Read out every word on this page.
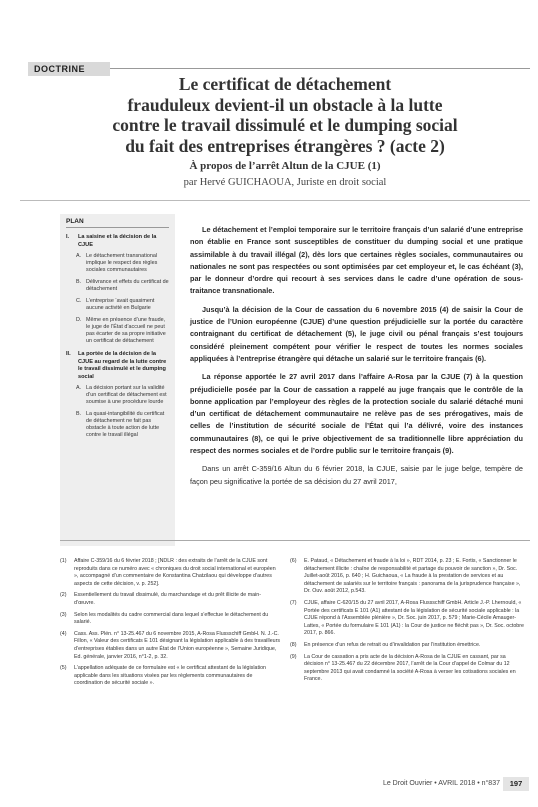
DOCTRINE
Le certificat de détachement
frauduleux devient-il un obstacle à la lutte
contre le travail dissimulé et le dumping social
du fait des entreprises étrangères ? (acte 2)
À propos de l’arrêt Altun de la CJUE (1)
par Hervé GUICHAOUA, Juriste en droit social
PLAN
I.	La saisine et la décision de la CJUE
A. Le détachement transnational implique le respect des règles sociales communautaires
B. Délivrance et effets du certificat de détachement
C. L’entreprise ‘avait quasiment aucune activité en Bulgarie
D. Même en présence d’une fraude, le juge de l’État d’accueil ne peut pas écarter de sa propre initiative un certificat de détachement
II.	La portée de la décision de la CJUE au regard de la lutte contre le travail dissimulé et le dumping social
A. La décision portant sur la validité d’un certificat de détachement est soumise à une procédure lourde
B. La quasi-intangibilité du certificat de détachement ne fait pas obstacle à toute action de lutte contre le travail illégal

Le détachement et l’emploi temporaire sur le territoire français d’un salarié d’une entreprise non établie en France sont susceptibles de constituer du dumping social et une pratique assimilable à du travail illégal (2), dès lors que certaines règles sociales, communautaires ou nationales ne sont pas respectées ou sont optimisées par cet employeur et, le cas échéant (3), par le donneur d’ordre qui recourt à ses services dans le cadre d’une opération de sous-traitance transnationale.

Jusqu’à la décision de la Cour de cassation du 6 novembre 2015 (4) de saisir la Cour de justice de l’Union européenne (CJUE) d’une question préjudicielle sur la portée du caractère contraignant du certificat de détachement (5), le juge civil ou pénal français s’est toujours considéré pleinement compétent pour vérifier le respect de toutes les normes sociales appliquées à l’entreprise étrangère qui détache un salarié sur le territoire français (6).

La réponse apportée le 27 avril 2017 dans l’affaire A-Rosa par la CJUE (7) à la question préjudicielle posée par la Cour de cassation a rappelé au juge français que le contrôle de la bonne application par l’employeur des règles de la protection sociale du salarié détaché muni d’un certificat de détachement communautaire ne relève pas de ses prérogatives, mais de celles de l’institution de sécurité sociale de l’État qui l’a délivré, voire des instances communautaires (8), ce qui le prive objectivement de sa traditionnelle libre appréciation du respect des normes sociales et de l’ordre public sur le territoire français (9).

Dans un arrêt C-359/16 Altun du 6 février 2018, la CJUE, saisie par le juge belge, tempère de façon peu significative la portée de sa décision du 27 avril 2017,

(1)	Affaire C-359/16 du 6 février 2018 ; [NDLR : des extraits de l’arrêt de la CJUE sont reproduits dans ce numéro avec « chroniques du droit social international et européen », accompagné d’un commentaire de Konstantina Chatzilaou qui développe d’autres aspects de cette décision, v. p. 252].
(2)	Essentiellement du travail dissimulé, du marchandage et du prêt illicite de main-d’œuvre.
(3)	Selon les modalités du cadre commercial dans lequel s’effectue le détachement du salarié.
(4)	Cass. Ass. Plén. n° 13-25.467 du 6 novembre 2015, A-Rosa Flussschiff GmbH. N. J.-C. Fillon, « Valeur des certificats E 101 désignant la législation applicable à des travailleurs d’entreprises établies dans un autre État de l’Union européenne », Semaine Juridique, Ed. générale, janvier 2016, n°1-2, p. 32.
(5)	L’appellation adéquate de ce formulaire est « le certificat attestant de la législation applicable dans les situations visées par les règlements communautaires de coordination de sécurité sociale ».
(6)	E. Pataud, « Détachement et fraude à la loi », RDT 2014, p. 23 ; E. Fortis, « Sanctionner le détachement illicite : chaîne de responsabilité et partage du pouvoir de sanction », Dr. Soc. Juillet-août 2016, p. 640 ; H. Guichaoua, « La fraude à la prestation de services et au détachement de salariés sur le territoire français : panorama de la jurisprudence française », Dr. Ouv. août 2012, p.543.
(7)	CJUE, affaire C-620/15 du 27 avril 2017, A-Rosa Flussschiff GmbH. Article J.-P. Lhernould, « Portée des certificats E 101 (A1) attestant de la législation de sécurité sociale applicable : la CJUE répond à l’Assemblée plénière », Dr. Soc. juin 2017, p. 579 ; Marie-Cécile Amauger-Lattes, « Portée du formulaire E 101 (A1) : la Cour de justice ne fléchit pas », Dr. Soc. octobre 2017, p. 866.
(8)	En présence d’un refus de retrait ou d’invalidation par l’institution émettrice.
(9)	La Cour de cassation a pris acte de la décision A-Rosa de la CJUE en cassant, par sa décision n° 13-25.467 du 22 décembre 2017, l’arrêt de la Cour d’appel de Colmar du 12 septembre 2013 qui avait condamné la société A-Rosa à verser les cotisations sociales en France.
Le Droit Ouvrier • AVRIL 2018 • n°837	197
